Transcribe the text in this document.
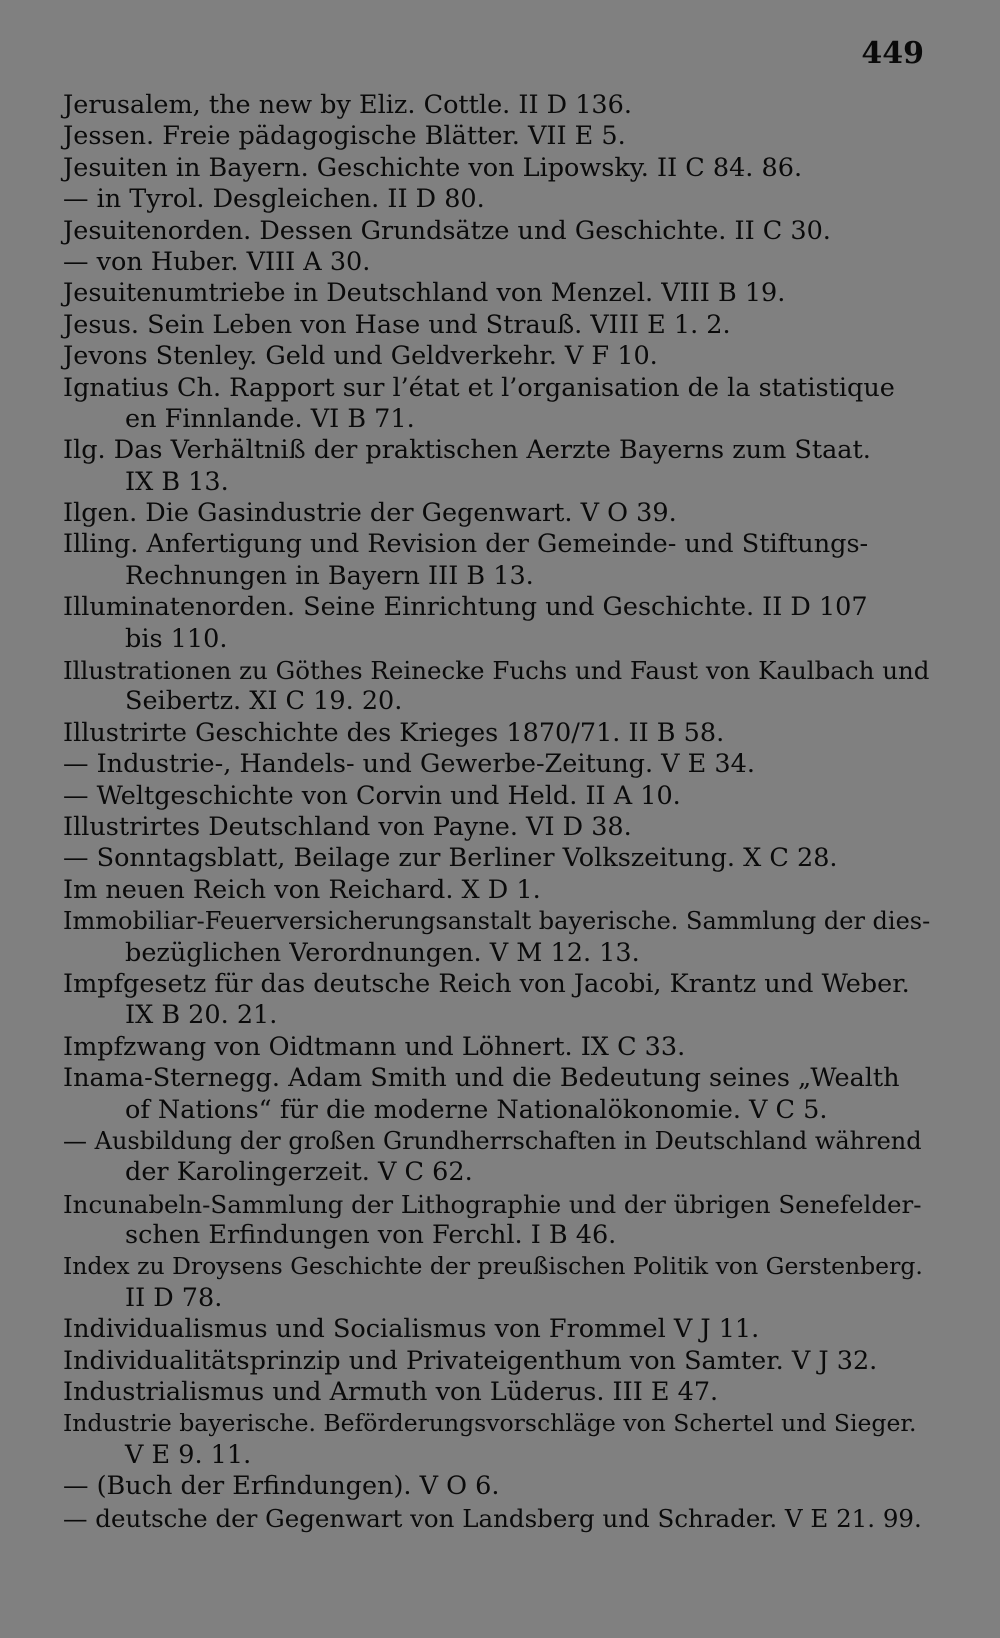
449
Jerusalem, the new by Eliz. Cottle. II D 136.
Jessen. Freie pädagogische Blätter. VII E 5.
Jesuiten in Bayern. Geschichte von Lipowsky. II C 84. 86.
— in Tyrol. Desgleichen. II D 80.
Jesuitenorden. Dessen Grundsätze und Geschichte. II C 30.
— von Huber. VIII A 30.
Jesuitenumtriebe in Deutschland von Menzel. VIII B 19.
Jesus. Sein Leben von Hase und Strauß. VIII E 1. 2.
Jevons Stenley. Geld und Geldverkehr. V F 10.
Ignatius Ch. Rapport sur l’état et l’organisation de la statistique
en Finnlande. VI B 71.
Ilg. Das Verhältniß der praktischen Aerzte Bayerns zum Staat.
IX B 13.
Ilgen. Die Gasindustrie der Gegenwart. V O 39.
Illing. Anfertigung und Revision der Gemeinde- und Stiftungs-
Rechnungen in Bayern III B 13.
Illuminatenorden. Seine Einrichtung und Geschichte. II D 107
bis 110.
Illustrationen zu Göthes Reinecke Fuchs und Faust von Kaulbach und
Seibertz. XI C 19. 20.
Illustrirte Geschichte des Krieges 1870/71. II B 58.
— Industrie-, Handels- und Gewerbe-Zeitung. V E 34.
— Weltgeschichte von Corvin und Held. II A 10.
Illustrirtes Deutschland von Payne. VI D 38.
— Sonntagsblatt, Beilage zur Berliner Volkszeitung. X C 28.
Im neuen Reich von Reichard. X D 1.
Immobiliar-Feuerversicherungsanstalt bayerische. Sammlung der dies-
bezüglichen Verordnungen. V M 12. 13.
Impfgesetz für das deutsche Reich von Jacobi, Krantz und Weber.
IX B 20. 21.
Impfzwang von Oidtmann und Löhnert. IX C 33.
Inama-Sternegg. Adam Smith und die Bedeutung seines „Wealth
of Nations“ für die moderne Nationalökonomie. V C 5.
— Ausbildung der großen Grundherrschaften in Deutschland während
der Karolingerzeit. V C 62.
Incunabeln-Sammlung der Lithographie und der übrigen Senefelder-
schen Erfindungen von Ferchl. I B 46.
Index zu Droysens Geschichte der preußischen Politik von Gerstenberg.
II D 78.
Individualismus und Socialismus von Frommel V J 11.
Individualitätsprinzip und Privateigenthum von Samter. V J 32.
Industrialismus und Armuth von Lüderus. III E 47.
Industrie bayerische. Beförderungsvorschläge von Schertel und Sieger.
V E 9. 11.
— (Buch der Erfindungen). V O 6.
— deutsche der Gegenwart von Landsberg und Schrader. V E 21. 99.
